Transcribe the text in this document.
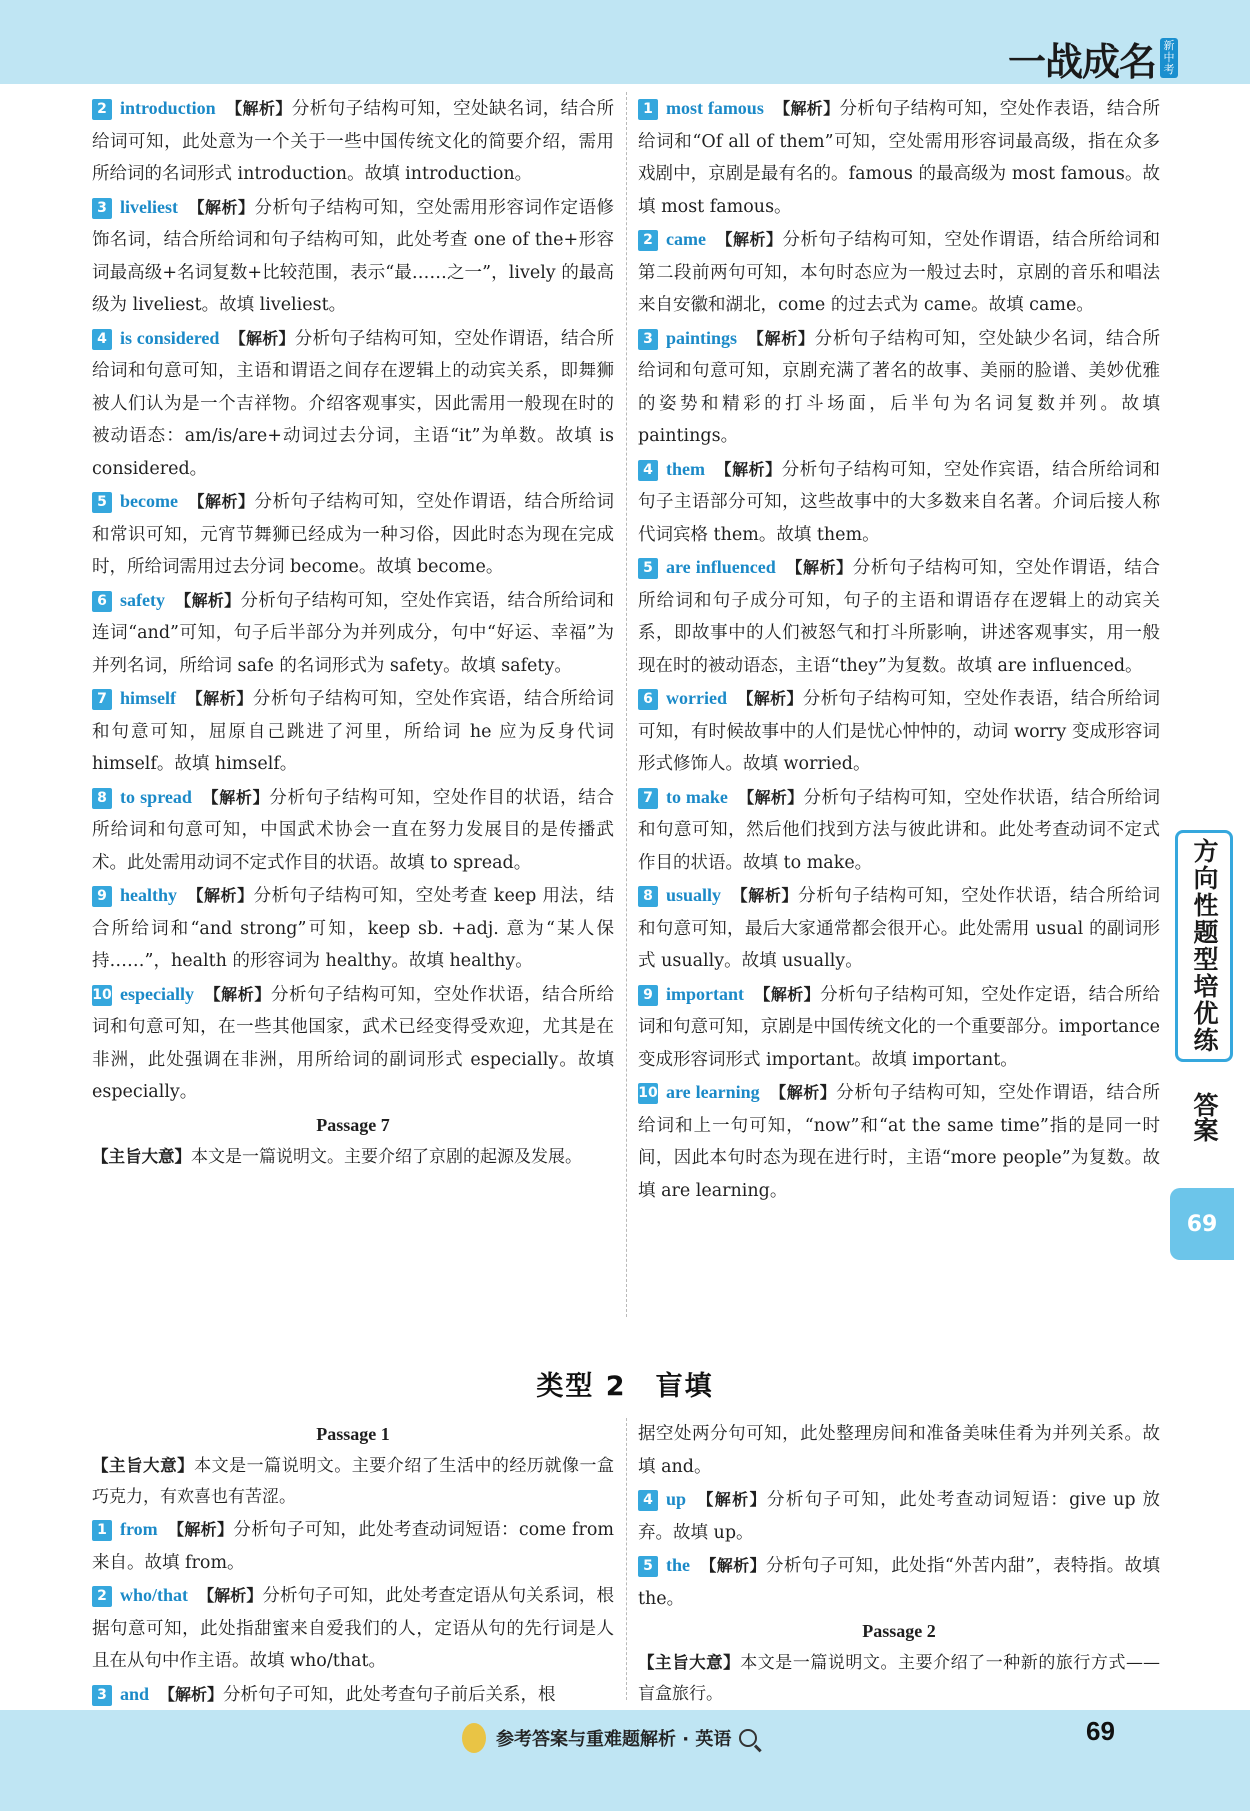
一战成名 新中考
2 introduction 【解析】分析句子结构可知，空处缺名词，结合所给词可知，此处意为一个关于一些中国传统文化的简要介绍，需用所给词的名词形式 introduction。故填 introduction。
3 liveliest 【解析】分析句子结构可知，空处需用形容词作定语修饰名词，结合所给词和句子结构可知，此处考查 one of the+形容词最高级+名词复数+比较范围，表示“最……之一”，lively 的最高级为 liveliest。故填 liveliest。
4 is considered 【解析】分析句子结构可知，空处作谓语，结合所给词和句意可知，主语和谓语之间存在逻辑上的动宾关系，即舞狮被人们认为是一个吉祥物。介绍客观事实，因此需用一般现在时的被动语态：am/is/are+动词过去分词，主语“it”为单数。故填 is considered。
5 become 【解析】分析句子结构可知，空处作谓语，结合所给词和常识可知，元宵节舞狮已经成为一种习俗，因此时态为现在完成时，所给词需用过去分词 become。故填 become。
6 safety 【解析】分析句子结构可知，空处作宾语，结合所给词和连词“and”可知，句子后半部分为并列成分，句中“好运、幸福”为并列名词，所给词 safe 的名词形式为 safety。故填 safety。
7 himself 【解析】分析句子结构可知，空处作宾语，结合所给词和句意可知，屈原自己跳进了河里，所给词 he 应为反身代词 himself。故填 himself。
8 to spread 【解析】分析句子结构可知，空处作目的状语，结合所给词和句意可知，中国武术协会一直在努力发展目的是传播武术。此处需用动词不定式作目的状语。故填 to spread。
9 healthy 【解析】分析句子结构可知，空处考查 keep 用法，结合所给词和“and strong”可知，keep sb. +adj. 意为“某人保持……”，health 的形容词为 healthy。故填 healthy。
10 especially 【解析】分析句子结构可知，空处作状语，结合所给词和句意可知，在一些其他国家，武术已经变得受欢迎，尤其是在非洲，此处强调在非洲，用所给词的副词形式 especially。故填 especially。
Passage 7
【主旨大意】本文是一篇说明文。主要介绍了京剧的起源及发展。
1 most famous 【解析】分析句子结构可知，空处作表语，结合所给词和“Of all of them”可知，空处需用形容词最高级，指在众多戏剧中，京剧是最有名的。famous 的最高级为 most famous。故填 most famous。
2 came 【解析】分析句子结构可知，空处作谓语，结合所给词和第二段前两句可知，本句时态应为一般过去时，京剧的音乐和唱法来自安徽和湖北，come 的过去式为 came。故填 came。
3 paintings 【解析】分析句子结构可知，空处缺少名词，结合所给词和句意可知，京剧充满了著名的故事、美丽的脸谱、美妙优雅的姿势和精彩的打斗场面，后半句为名词复数并列。故填 paintings。
4 them 【解析】分析句子结构可知，空处作宾语，结合所给词和句子主语部分可知，这些故事中的大多数来自名著。介词后接人称代词宾格 them。故填 them。
5 are influenced 【解析】分析句子结构可知，空处作谓语，结合所给词和句子成分可知，句子的主语和谓语存在逻辑上的动宾关系，即故事中的人们被怒气和打斗所影响，讲述客观事实，用一般现在时的被动语态，主语“they”为复数。故填 are influenced。
6 worried 【解析】分析句子结构可知，空处作表语，结合所给词可知，有时候故事中的人们是忧心忡忡的，动词 worry 变成形容词形式修饰人。故填 worried。
7 to make 【解析】分析句子结构可知，空处作状语，结合所给词和句意可知，然后他们找到方法与彼此讲和。此处考查动词不定式作目的状语。故填 to make。
8 usually 【解析】分析句子结构可知，空处作状语，结合所给词和句意可知，最后大家通常都会很开心。此处需用 usual 的副词形式 usually。故填 usually。
9 important 【解析】分析句子结构可知，空处作定语，结合所给词和句意可知，京剧是中国传统文化的一个重要部分。importance 变成形容词形式 important。故填 important。
10 are learning 【解析】分析句子结构可知，空处作谓语，结合所给词和上一句可知，“now”和“at the same time”指的是同一时间，因此本句时态为现在进行时，主语“more people”为复数。故填 are learning。
类型 2　盲填
Passage 1
【主旨大意】本文是一篇说明文。主要介绍了生活中的经历就像一盒巧克力，有欢喜也有苦涩。
1 from 【解析】分析句子可知，此处考查动词短语：come from 来自。故填 from。
2 who/that 【解析】分析句子可知，此处考查定语从句关系词，根据句意可知，此处指甜蜜来自爱我们的人，定语从句的先行词是人且在从句中作主语。故填 who/that。
3 and 【解析】分析句子可知，此处考查句子前后关系，根
据空处两分句可知，此处整理房间和准备美味佳肴为并列关系。故填 and。
4 up 【解析】分析句子可知，此处考查动词短语：give up 放弃。故填 up。
5 the 【解析】分析句子可知，此处指“外苦内甜”，表特指。故填 the。
Passage 2
【主旨大意】本文是一篇说明文。主要介绍了一种新的旅行方式——盲盒旅行。
方向性题型培优练
答案
69
参考答案与重难题解析 · 英语	69
